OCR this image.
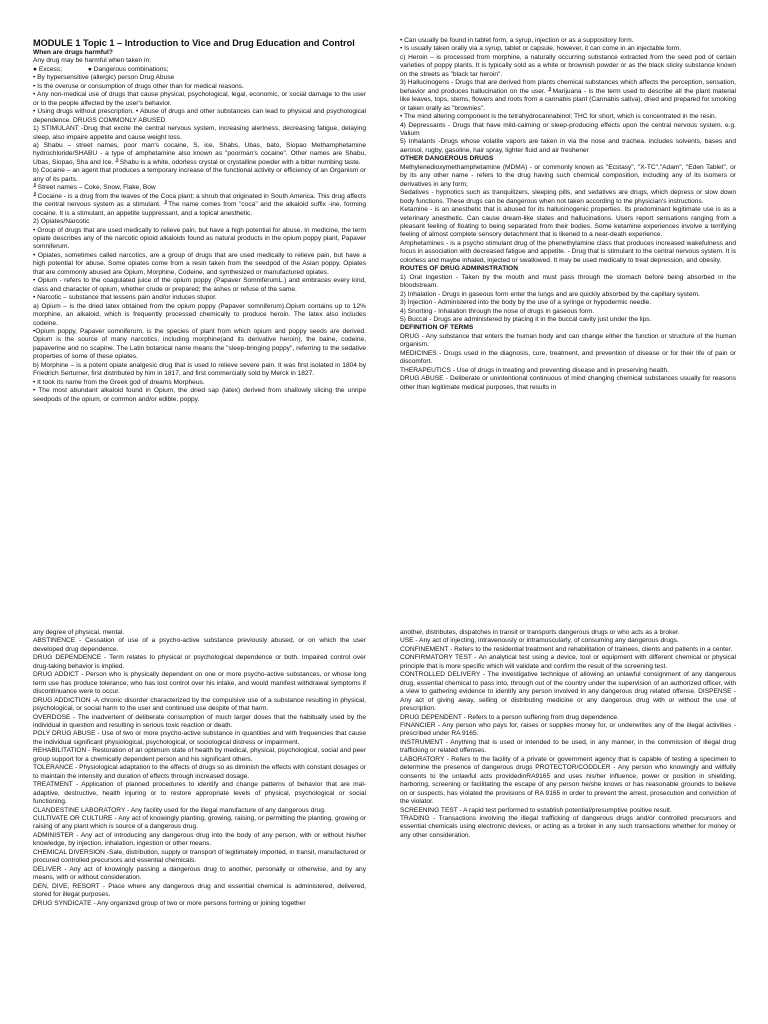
MODULE 1 Topic 1 – Introduction to Vice and Drug Education and Control

When are drugs harmful?

Any drug may be harmful when taken in:

● Excess;	● Dangerous combinations;

• By hypersensitive (allergic) person Drug Abuse

• Is the overuse or consumption of drugs other than for medical reasons.

• Any non-medical use of drugs that cause physical, psychological, legal, economic, or social damage to the user or to the people affected by the user's behavior.

• Using drugs without prescription. • Abuse of drugs and other substances can lead to physical and psychological dependence. DRUGS COMMONLY ABUSED

1) STIMULANT -Drug that excite the central nervous system, increasing alertness, decreasing fatigue, delaying sleep, also impaire appetite and cause weight loss.

a) Shabu – street names, poor man's cocaine, S, ice, Shabs, Ubas, bato, Siopao Methamphetamine hydrochloride/SHABU - a type of amphetamine also known as "poorman's cocaine". Other names are Shabu, Ubas, Siopao, Sha and Ice. ╜Shabu is a white, odorless crystal or crystalline powder with a bitter numbing taste.

b) Cocaine – an agent that produces a temporary increase of the functional activity or efficiency of an Organism or any of its parts.

╜Street names – Coke, Snow, Flake, Bow

╜Cocaine - is a drug from the leaves of the Coca plant; a shrub that originated in South America. This drug affects the central nervous system as a stimulant. ╜The name comes from "coca" and the alkaloid suffix -ine, forming cocaine. It is a stimulant, an appetite suppressant, and a topical anesthetic.

2) Opiates/Narcotic

• Group of drugs that are used medically to relieve pain, but have a high potential for abuse. In medicine, the term opiate describes any of the narcotic opioid alkaloids found as natural products in the opium poppy plant, Papaver somniferum.

• Opiates, sometimes called narcotics, are a group of drugs that are used medically to relieve pain, but have a high potential for abuse. Some opiates come from a resin taken from the seedpod of the Asian poppy. Opiates that are commonly abused are Opium, Morphine, Codeine, and synthesized or manufactured opiates.

• Opium - refers to the coagulated juice of the opium poppy (Papaver SomniferumL.) and embraces every kind, class and character of opium, whether crude or prepared; the ashes or refuse of the same.

• Narcotic – substance that lessens pain and/or induces stupor.

a) Opium – is the dried latex obtained from the opium poppy (Papaver somniferum).Opium contains up to 12% morphine, an alkaloid, which is frequently processed chemically to produce heroin. The latex also includes codeine.

•Opium poppy, Papaver somniferum, is the species of plant from which opium and poppy seeds are derived. Opium is the source of many narcotics, including morphine(and its derivative heroin), the baine, codeine, papaverine and no scapine. The Latin botanical name means the "sleep-bringing poppy", referring to the sedative properties of some of these opiates.

b) Morphine – is a potent opiate analgesic drug that is used to relieve severe pain. It was first isolated in 1804 by Friedrich Serturner, first distributed by him in 1817, and first commercially sold by Merck in 1827.

• It took its name from the Greek god of dreams Morpheus.

• The most abundant alkaloid found in Opium, the dried sap (latex) derived from shallowly slicing the unripe seedpods of the opium, or common and/or edible, poppy.

• Can usually be found in tablet form, a syrup, injection or as a suppository form.

• Is usually taken orally via a syrup, tablet or capsule, however, it can come in an injectable form.

c) Heroin – is processed from morphine, a naturally occurring substance extracted from the seed pod of certain varieties of poppy plants. It is typically sold as a white or brownish powder or as the black sticky substance known on the streets as "black tar heroin".

3) Hallucinogens - Drugs that are derived from plants chemical substances which affects the perception, sensation, behavior and produces hallucination on the user. ╜Marijuana - is the term used to describe all the plant material like leaves, tops, stems, flowers and roots from a cannabis plant (Cannabis sativa), dried and prepared for smoking or taken orally as "brownies".

• The mind altering component is the tetrahydrocannabinol; THC for short, which is concentrated in the resin.

4) Depressants - Drugs that have mild-calming or sleep-producing effects upon the central nervous system. e.g. Valium

5) Inhalants -Drugs whose volatile vapors are taken in via the nose and trachea. includes solvents, bases and aerosol, rugby, gasoline, hair spray, lighter fluid and air freshener

OTHER DANGEROUS DRUGS

Methylenedioxymethamphetamine (MDMA) - or commonly known as "Ecstasy", "X-TC","Adam", "Eden Tablet", or by its any other name - refers to the drug having such chemical composition, including any of its isomers or derivatives in any form;

Sedatives - hypnotics such as tranquilizers, sleeping pills, and sedatives are drugs, which depress or slow down body functions. These drugs can be dangerous when not taken according to the physician's instructions.

Ketamine - is an anesthetic that is abused for its hallucinogenic properties. Its predominant legitimate use is as a veterinary anesthetic. Can cause dream-like states and hallucinations. Users report sensations ranging from a pleasant feeling of floating to being separated from their bodies. Some ketamine experiences involve a terrifying feeling of almost complete sensory detachment that is likened to a near-death experience.

Amphetamines - is a psycho stimulant drug of the phenethylamine class that produces increased wakefulness and focus in association with decreased fatigue and appetite. - Drug that is stimulant to the central nervous system. It is colorless and maybe inhaled, injected or swallowed. It may be used medically to treat depression, and obesity.

ROUTES OF DRUG ADMINISTRATION

1) Oral Ingestion - Taken by the mouth and must pass through the stomach before being absorbed in the bloodstream.

2) Inhalation - Drugs in gaseous form enter the lungs and are quickly absorbed by the capillary system.

3) Injection - Administered into the body by the use of a syringe or hypodermic needle.

4) Snorting - Inhalation through the nose of drugs in gaseous form.

5) Buccal - Drugs are administered by placing it in the buccal cavity just under the lips.

DEFINITION OF TERMS

DRUG - Any substance that enters the human body and can change either the function or structure of the human organism.

MEDICINES - Drugs used in the diagnosis, cure, treatment, and prevention of disease or for their life of pain or discomfort.

THERAPEUTICS - Use of drugs in treating and preventing disease and in preserving health.

DRUG ABUSE - Deliberate or unintentional continuous of mind changing chemical substances usually for reasons other than legitimate medical purposes, that results in

any degree of physical, mental.

ABSTINENCE - Cessation of use of a psycho-active substance previously abused, or on which the user developed drug dependence.

DRUG DEPENDENCE - Term relates to physical or psychological dependence or both. Impaired control over drug-taking behavior is implied.

DRUG ADDICT - Person who is physically dependent on one or more psycho-active substances, or whose long term use has produce tolerance, who has lost control over his intake, and would manifest withdrawal symptoms if discontinuance were to occur.

DRUG ADDICTION -A chronic disorder characterized by the compulsive use of a substance resulting in physical, psychological, or social harm to the user and continued use despite of that harm.

OVERDOSE - The inadvertent of deliberate consumption of much larger doses that the habitually used by the individual in question and resulting in serious toxic reaction or death.

POLY DRUG ABUSE - Use of two or more psycho-active substance in quantities and with frequencies that cause the individual significant physiological, psychological, or sociological distress or impairment.

REHABILITATION - Restoration of an optimum state of health by medical, physical, psychological, social and peer group support for a chemically dependent person and his significant others.

TOLERANCE - Physiological adaptation to the effects of drugs so as diminish the effects with constant dosages or to maintain the intensity and duration of effects through increased dosage.

TREATMENT - Application of planned procedures to identify and change patterns of behavior that are mal-adaptive, destructive, health injuring or to restore appropriate levels of physical, psychological or social functioning.

CLANDESTINE LABORATORY - Any facility used for the illegal manufacture of any dangerous drug.

CULTIVATE OR CULTURE - Any act of knowingly planting, growing, raising, or permitting the planting, growing or raising of any plant which is source of a dangerous drug.

ADMINISTER - Any act of introducing any dangerous drug into the body of any person, with or without his/her knowledge, by injection, inhalation, ingestion or other means.

CHEMICAL DIVERSION -Sale, distribution, supply or transport of legitimately imported, in transit, manufactured or procured controlled precursors and essential chemicals.

DELIVER - Any act of knowingly passing a dangerous drug to another, personally or otherwise, and by any means, with or without consideration.

DEN, DIVE, RESORT - Place where any dangerous drug and essential chemical is administered, delivered, stored for illegal purposes.

DRUG SYNDICATE - Any organized group of two or more persons forming or joining together

another, distributes, dispatches in transit or transports dangerous drugs or who acts as a broker.

USE - Any act of injecting, intravenously or intramuscularly, of consuming any dangerous drugs.

CONFINEMENT - Refers to the residential treatment and rehabilitation of trainees, clients and patients in a center.

CONFIRMATORY TEST - An analytical test using a device, tool or equipment with different chemical or physical principle that is more specific which will validate and confirm the result of the screening test.

CONTROLLED DELIVERY - The investigative technique of allowing an unlawful consignment of any dangerous drug, essential chemical to pass into, through out of the country under the supervision of an authorized officer, with a view to gathering evidence to identify any person involved in any dangerous drug related offense. DISPENSE - Any act of giving away, selling or distributing medicine or any dangerous drug with or without the use of prescription.

DRUG DEPENDENT - Refers to a person suffering from drug dependence.

FINANCIER - Any person who pays for, raises or supplies money for, or underwrites any of the illegal activities - prescribed under RA 9165.

INSTRUMENT - Anything that is used or intended to be used, in any manner, in the commission of illegal drug trafficking or related offenses.

LABORATORY - Refers to the facility of a private or government agency that is capable of testing a specimen to determine the presence of dangerous drugs PROTECTOR/CODDLER - Any person who knowingly and willfully consents to the unlawful acts providedinRA9165 and uses his/her influence, power or position in shielding, harboring, screening or facilitating the escape of any person he/she knows or has reasonable grounds to believe on or suspects, has violated the provisions of RA 9165 in order to prevent the arrest, prosecution and conviction of the violator.

SCREENING TEST - A rapid test performed to establish potential/presumptive positive result.

TRADING - Transactions involving the illegal trafficking of dangerous drugs and/or controlled precursors and essential chemicals using electronic devices, or acting as a broker in any such transactions whether for money or any other consideration.
